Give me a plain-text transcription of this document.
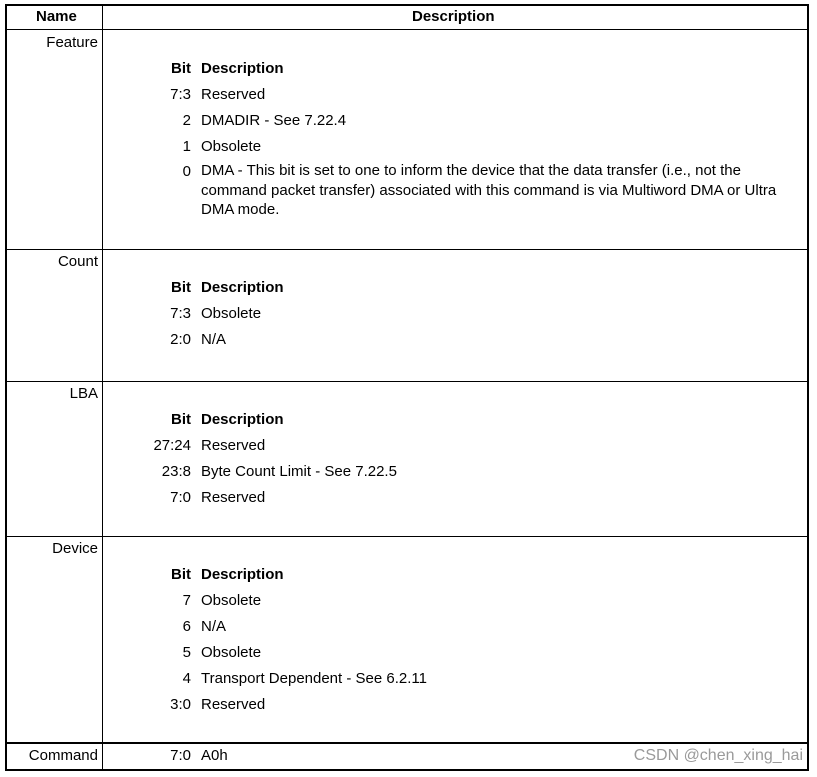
Name	Description
Feature
Bit Description
7:3 Reserved
2 DMADIR - See 7.22.4
1 Obsolete
0 DMA - This bit is set to one to inform the device that the data transfer (i.e., not the command packet transfer) associated with this command is via Multiword DMA or Ultra DMA mode.
Count
Bit Description
7:3 Obsolete
2:0 N/A
LBA
Bit Description
27:24 Reserved
23:8 Byte Count Limit - See 7.22.5
7:0 Reserved
Device
Bit Description
7 Obsolete
6 N/A
5 Obsolete
4 Transport Dependent - See 6.2.11
3:0 Reserved
Command	7:0 A0h	CSDN @chen_xing_hai
